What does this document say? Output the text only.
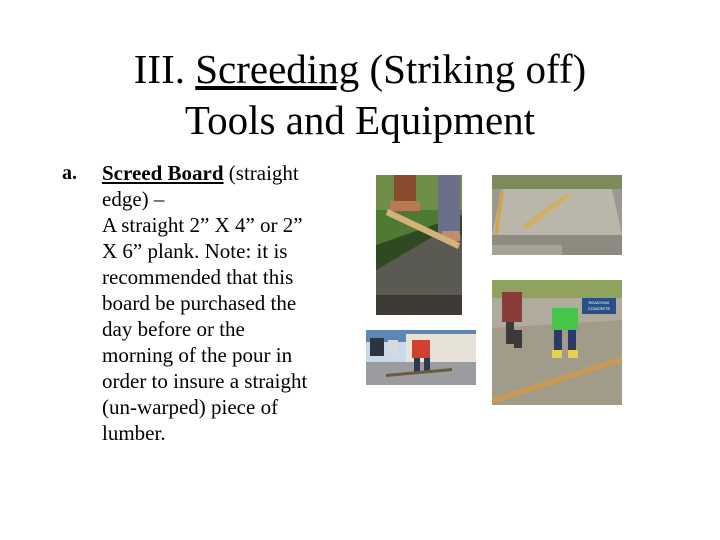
III. Screeding (Striking off)
Tools and Equipment
a. Screed Board (straight
edge) –
A straight 2” X 4” or 2”
X 6” plank. Note: it is
recommended that this
board be purchased the
day before or the
morning of the pour in
order to insure a straight
(un-warped) piece of
lumber.
READYMIX
CONCRETE
